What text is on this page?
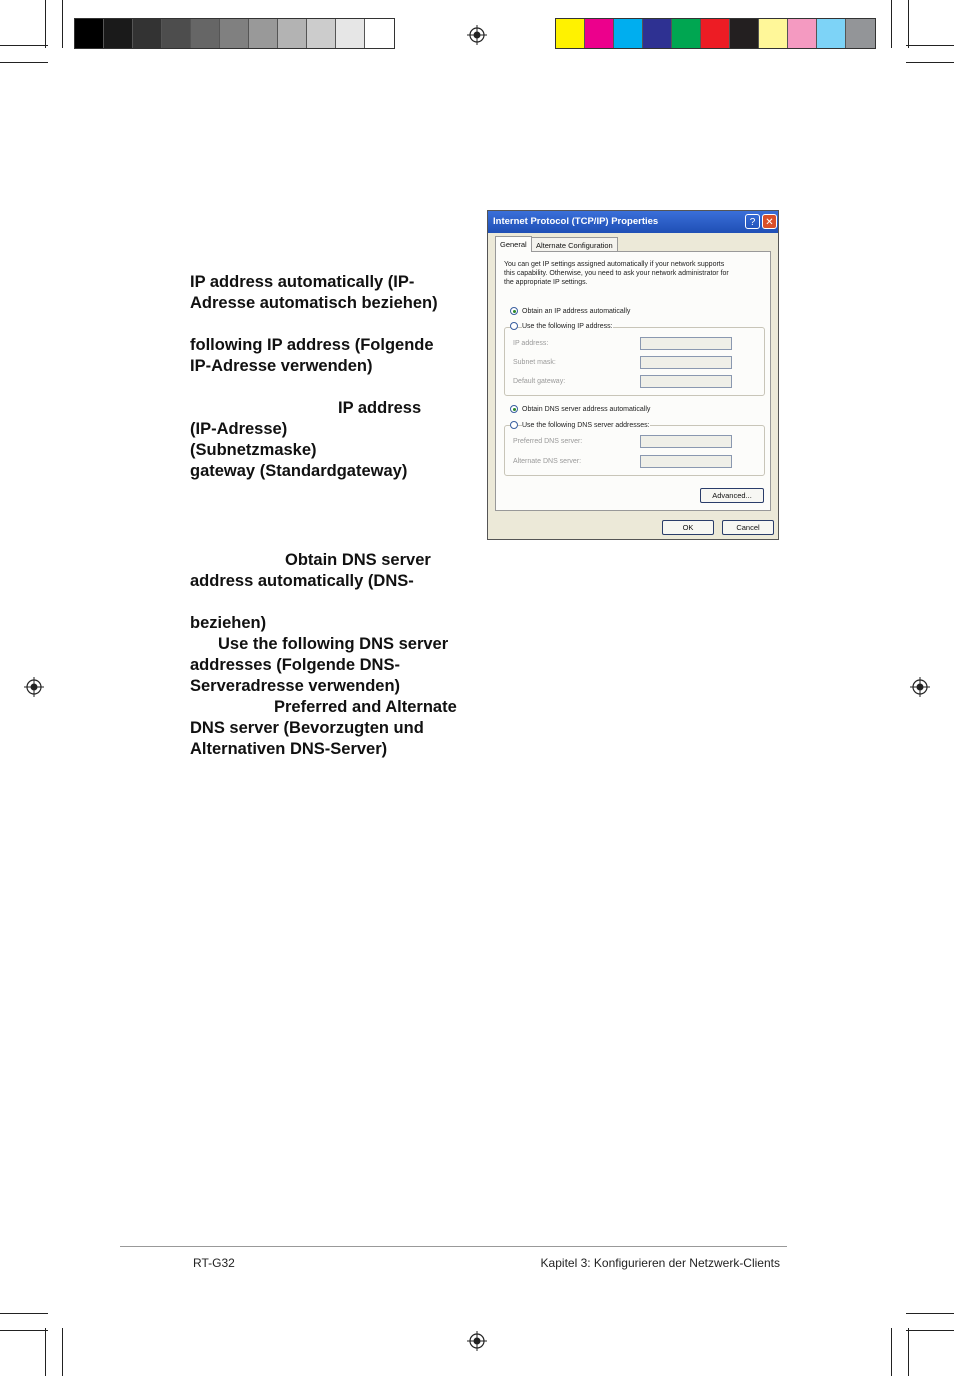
IP address automatically (IP-
Adresse automatisch beziehen)
following IP address (Folgende
IP-Adresse verwenden)
IP address
(IP-Adresse)
(Subnetzmaske)
gateway (Standardgateway)
Obtain DNS server
address automatically (DNS-
beziehen)
Use the following DNS server
addresses (Folgende DNS-
Serveradresse verwenden)
Preferred and Alternate
DNS server (Bevorzugten und
Alternativen DNS-Server)
Internet Protocol (TCP/IP) Properties	?	✕
General	Alternate Configuration
You can get IP settings assigned automatically if your network supports
this capability. Otherwise, you need to ask your network administrator for
the appropriate IP settings.
Obtain an IP address automatically
Use the following IP address:
IP address:
Subnet mask:
Default gateway:
Obtain DNS server address automatically
Use the following DNS server addresses:
Preferred DNS server:
Alternate DNS server:
Advanced...
OK	Cancel
RT-G32	Kapitel 3: Konfigurieren der Netzwerk-Clients
